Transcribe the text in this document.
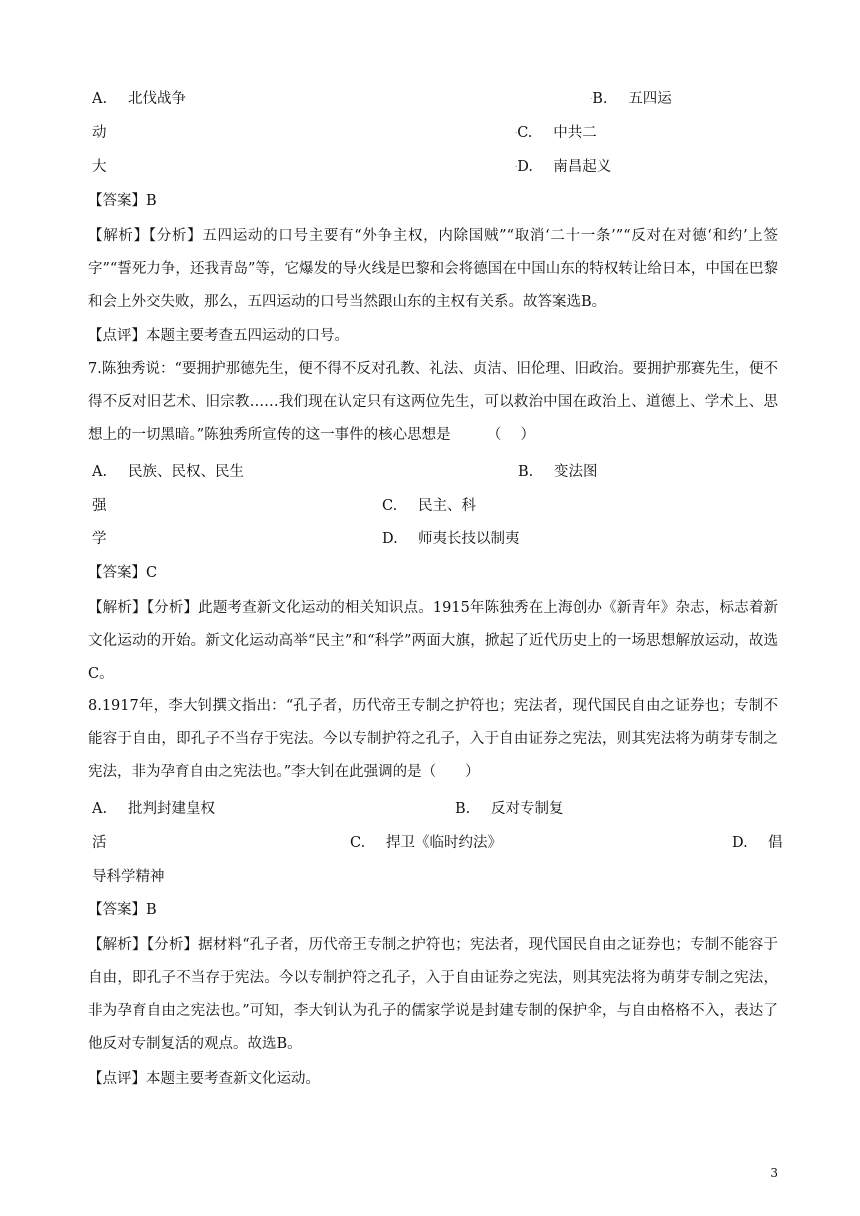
A. 北伐战争	·B. 五四运
动	·C. 中共二
大	·D. 南昌起义
【答案】B
【解析】【分析】五四运动的口号主要有“外争主权，内除国贼”“取消‘二十一条’”“反对在对德‘和约’上签字”“誓死力争，还我青岛”等，它爆发的导火线是巴黎和会将德国在中国山东的特权转让给日本，中国在巴黎和会上外交失败，那么，五四运动的口号当然跟山东的主权有关系。故答案选B。
【点评】本题主要考查五四运动的口号。
7.陈独秀说：“要拥护那德先生，便不得不反对孔教、礼法、贞洁、旧伦理、旧政治。要拥护那赛先生，便不得不反对旧艺术、旧宗教……我们现在认定只有这两位先生，可以救治中国在政治上、道德上、学术上、思想上的一切黑暗。”陈独秀所宣传的这一事件的核心思想是　　　（　 ）
A. 民族、民权、民生	B. 变法图
强	C. 民主、科
学	D. 师夷长技以制夷
【答案】C
【解析】【分析】此题考查新文化运动的相关知识点。1915年陈独秀在上海创办《新青年》杂志，标志着新文化运动的开始。新文化运动高举“民主”和“科学”两面大旗，掀起了近代历史上的一场思想解放运动，故选C。
8.1917年，李大钊撰文指出：“孔子者，历代帝王专制之护符也；宪法者，现代国民自由之证券也；专制不能容于自由，即孔子不当存于宪法。今以专制护符之孔子，入于自由证券之宪法，则其宪法将为萌芽专制之宪法，非为孕育自由之宪法也。”李大钊在此强调的是（　　）
A. 批判封建皇权	B. 反对专制复
活	C. 捍卫《临时约法》	D. 倡
导科学精神
【答案】B
【解析】【分析】据材料“孔子者，历代帝王专制之护符也；宪法者，现代国民自由之证券也；专制不能容于自由，即孔子不当存于宪法。今以专制护符之孔子，入于自由证券之宪法，则其宪法将为萌芽专制之宪法，非为孕育自由之宪法也。”可知，李大钊认为孔子的儒家学说是封建专制的保护伞，与自由格格不入，表达了他反对专制复活的观点。故选B。
【点评】本题主要考查新文化运动。
3
